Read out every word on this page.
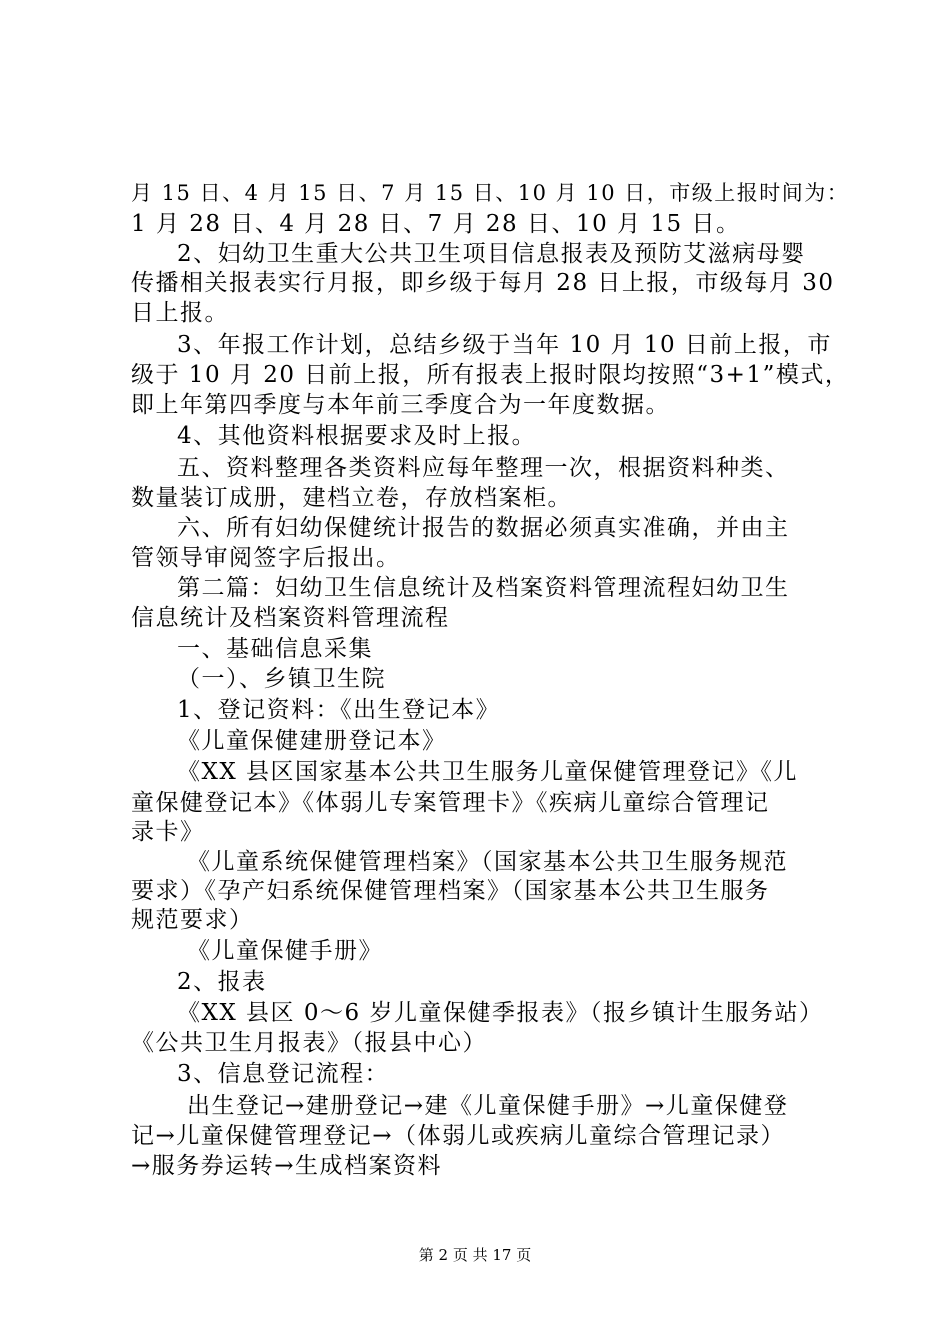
月 15 日、4 月 15 日、7 月 15 日、10 月 10 日，市级上报时间为：
1 月 28 日、4 月 28 日、7 月 28 日、10 月 15 日。
2、妇幼卫生重大公共卫生项目信息报表及预防艾滋病母婴
传播相关报表实行月报，即乡级于每月 28 日上报，市级每月 30
日上报。
3、年报工作计划，总结乡级于当年 10 月 10 日前上报，市
级于 10 月 20 日前上报，所有报表上报时限均按照“3+1”模式，
即上年第四季度与本年前三季度合为一年度数据。
4、其他资料根据要求及时上报。
五、资料整理各类资料应每年整理一次，根据资料种类、
数量装订成册，建档立卷，存放档案柜。
六、所有妇幼保健统计报告的数据必须真实准确，并由主
管领导审阅签字后报出。
第二篇：妇幼卫生信息统计及档案资料管理流程妇幼卫生
信息统计及档案资料管理流程
一、基础信息采集
（一）、乡镇卫生院
1、登记资料：《出生登记本》
《儿童保健建册登记本》
《XX 县区国家基本公共卫生服务儿童保健管理登记》《儿
童保健登记本》《体弱儿专案管理卡》《疾病儿童综合管理记
录卡》
《儿童系统保健管理档案》（国家基本公共卫生服务规范
要求）《孕产妇系统保健管理档案》（国家基本公共卫生服务
规范要求）
《儿童保健手册》
2、报表
《XX 县区 0～6 岁儿童保健季报表》（报乡镇计生服务站）
《公共卫生月报表》（报县中心）
3、信息登记流程：
出生登记→建册登记→建《儿童保健手册》→儿童保健登
记→儿童保健管理登记→（体弱儿或疾病儿童综合管理记录）
→服务券运转→生成档案资料
第 2 页 共 17 页
